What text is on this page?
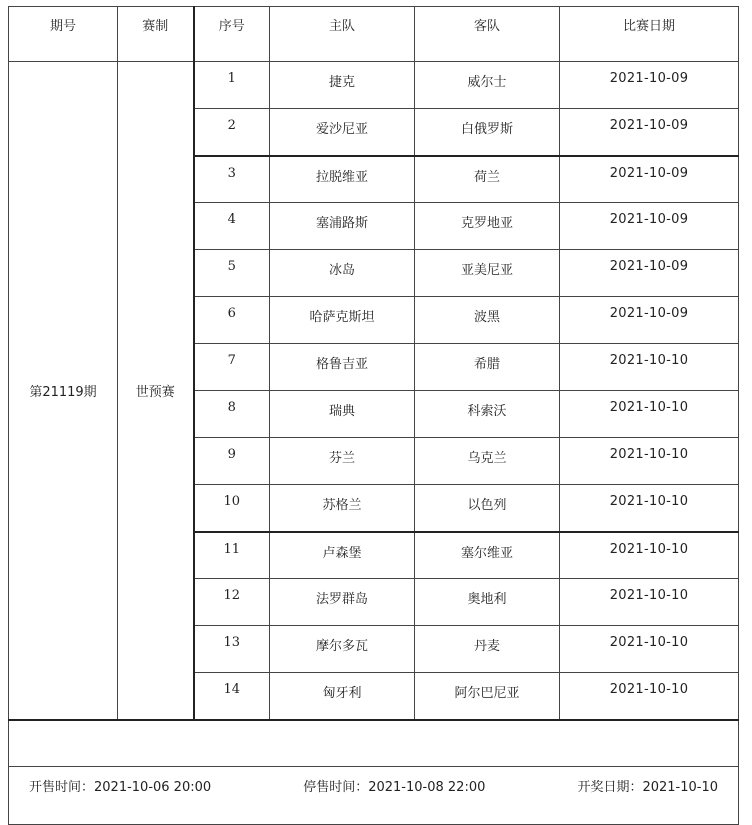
期号	赛制	序号	主队	客队	比赛日期
第21119期	世预赛	1	捷克	威尔士	2021-10-09
		2	爱沙尼亚	白俄罗斯	2021-10-09
		3	拉脱维亚	荷兰	2021-10-09
		4	塞浦路斯	克罗地亚	2021-10-09
		5	冰岛	亚美尼亚	2021-10-09
		6	哈萨克斯坦	波黑	2021-10-09
		7	格鲁吉亚	希腊	2021-10-10
		8	瑞典	科索沃	2021-10-10
		9	芬兰	乌克兰	2021-10-10
		10	苏格兰	以色列	2021-10-10
		11	卢森堡	塞尔维亚	2021-10-10
		12	法罗群岛	奥地利	2021-10-10
		13	摩尔多瓦	丹麦	2021-10-10
		14	匈牙利	阿尔巴尼亚	2021-10-10

开售时间：2021-10-06 20:00 停售时间：2021-10-08 22:00 开奖日期：2021-10-10					
